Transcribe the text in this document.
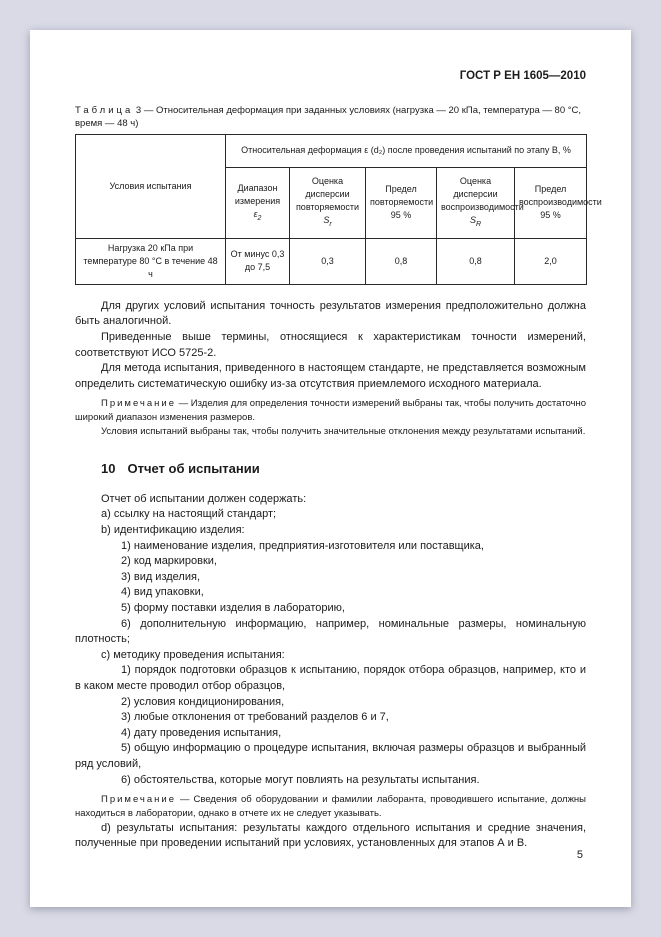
ГОСТ Р ЕН 1605—2010
Таблица 3 — Относительная деформация при заданных условиях (нагрузка — 20 кПа, температура — 80 °С, время — 48 ч)
Условия испытания	Относительная деформация ε (d₂) после проведения испытаний по этапу В, %				
	Диапазон измерения $\varepsilon_2$	Оценка дисперсии повторяемости $S_r$	Предел повторяемости 95 %	Оценка дисперсии воспроизводимости $S_R$	Предел воспроизводимости 95 %
Нагрузка 20 кПа при температуре 80 °С в течение 48 ч	От минус 0,3 до 7,5	0,3	0,8	0,8	2,0

Для других условий испытания точность результатов измерения предположительно должна быть аналогичной.

Приведенные выше термины, относящиеся к характеристикам точности измерений, соответствуют ИСО 5725-2.

Для метода испытания, приведенного в настоящем стандарте, не представляется возможным определить систематическую ошибку из-за отсутствия приемлемого исходного материала.

Примечание — Изделия для определения точности измерений выбраны так, чтобы получить достаточно широкий диапазон изменения размеров.

Условия испытаний выбраны так, чтобы получить значительные отклонения между результатами испытаний.

10 Отчет об испытании

Отчет об испытании должен содержать:

а) ссылку на настоящий стандарт;

b) идентификацию изделия:

1) наименование изделия, предприятия-изготовителя или поставщика,

2) код маркировки,

3) вид изделия,

4) вид упаковки,

5) форму поставки изделия в лабораторию,

6) дополнительную информацию, например, номинальные размеры, номинальную плотность;

с) методику проведения испытания:

1) порядок подготовки образцов к испытанию, порядок отбора образцов, например, кто и в каком месте проводил отбор образцов,

2) условия кондиционирования,

3) любые отклонения от требований разделов 6 и 7,

4) дату проведения испытания,

5) общую информацию о процедуре испытания, включая размеры образцов и выбранный ряд условий,

6) обстоятельства, которые могут повлиять на результаты испытания.

Примечание — Сведения об оборудовании и фамилии лаборанта, проводившего испытание, должны находиться в лаборатории, однако в отчете их не следует указывать.

d) результаты испытания: результаты каждого отдельного испытания и средние значения, полученные при проведении испытаний при условиях, установленных для этапов А и В.

5
